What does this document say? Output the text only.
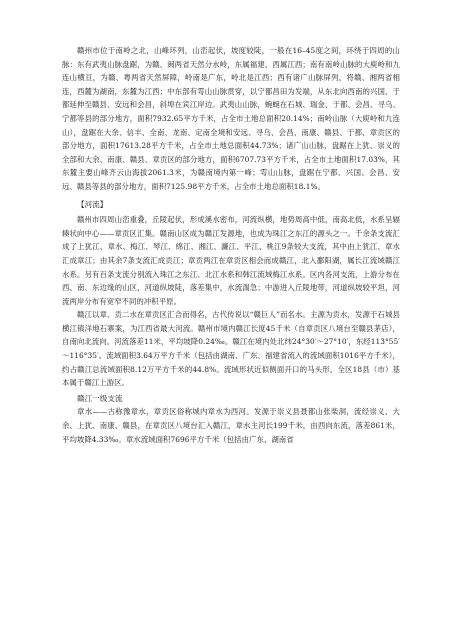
赣州市位于南岭之北，山峰环列，山峦起伏，坡度较陡，一般在16–45度之间，环绕于四周的山脉：东有武夷山脉盘踞，为赣、闽两省天然分水岭，东属福建、西属江西；南有南岭山脉的大庾岭和九连山横亘，为赣、粤两省天然屏障，岭南是广东，岭北是江西；西有诸广山脉屏列，将赣、湘两省相连，西麓为湖南，东麓为江西；中东部有雩山山脉贯穿，以宁都昌田为发端，从东北向西南的兴国、于都延伸至赣县、安远和会昌，斜埠在宾江岸边。武夷山山脉，蜿蜒在石城、瑞金、于都、会昌、寻乌、宁都等县的部分地方，面积7932.65平方千米，占全市土地总面积20.14%；南岭山脉（大庾岭和九连山），盘踞在大余、信丰、全南、龙南、定南全境和安远、寻乌、会昌、南康、赣县、于都、章贡区的部分地方，面积17613.28平方千米，占全市土地总面积44.73%；诸广山山脉，盘踞在上犹、崇义的全部和大余、南康、赣县、章贡区的部分地方，面积6707.73平方千米，占全市土地面积17.03%，其东麓主要山峰齐云山海拔2061.3米，为赣南境内第一峰；雩山山脉，盘踞在宁都、兴国、会昌、安远、赣县等县的部分地方，面积7125.98平方千米，占全市土地总面积18.1%。

【河流】

赣州市四周山峦重叠，丘陵起伏，形成溪水密布，河流纵横，地势周高中低，南高北低，水系呈辐辏状向中心——章贡区汇集。赣南山区成为赣江发源地，也成为珠江之东江的源头之一。千余条支流汇成了上犹江、章水、梅江、琴江、绵江、湘江、濂江、平江、桃江9条较大支流，其中由上犹江、章水汇成章江；由其余7条支流汇成贡江；章贡两江在章贡区相会而成赣江，北入鄱阳湖，属长江流域赣江水系。另有百条支流分别流入珠江之东江、北江水系和韩江流域梅江水系。区内各河支流，上游分布在西、南、东边缘的山区，河道纵坡陡，落差集中，水流湍急；中游进入丘陵地带，河道纵坡较平坦，河流两岸分布有宽窄不同的冲积平原。

赣江以章、贡二水在章贡区汇合而得名，古代传说以“赣巨人”而名水。主源为贡水，发源于石城县横江镇洋地石寨案，为江西省最大河流。赣州市境内赣江长度45千米（自章贡区八境台至赣县茅店），自南向北流向。河流落差11米，平均坡降0.24‰。赣江在境内处北纬24°30′～27°10′，东经113°55′～116°35′。流域面积3.64万平方千米（包括由湖南、广东、福建省流入的流域面积1016平方千米），约占赣江总流域面积8.12万平方千米的44.8%。流域形状近似侧面开口的马头形，全区18县（市）基本属于赣江上游区。

赣江一级支流

章水——古称豫章水，章贡区俗称城内章水为西河。发源于崇义县聂都山张柴洞，流经崇义、大余、上犹、南康、赣县，在章贡区八境台汇入赣江，章水主河长199千米，由西向东流，落差861米，平均坡降4.33‰。章水流域面积7696平方千米（包括由广东、湖南省
